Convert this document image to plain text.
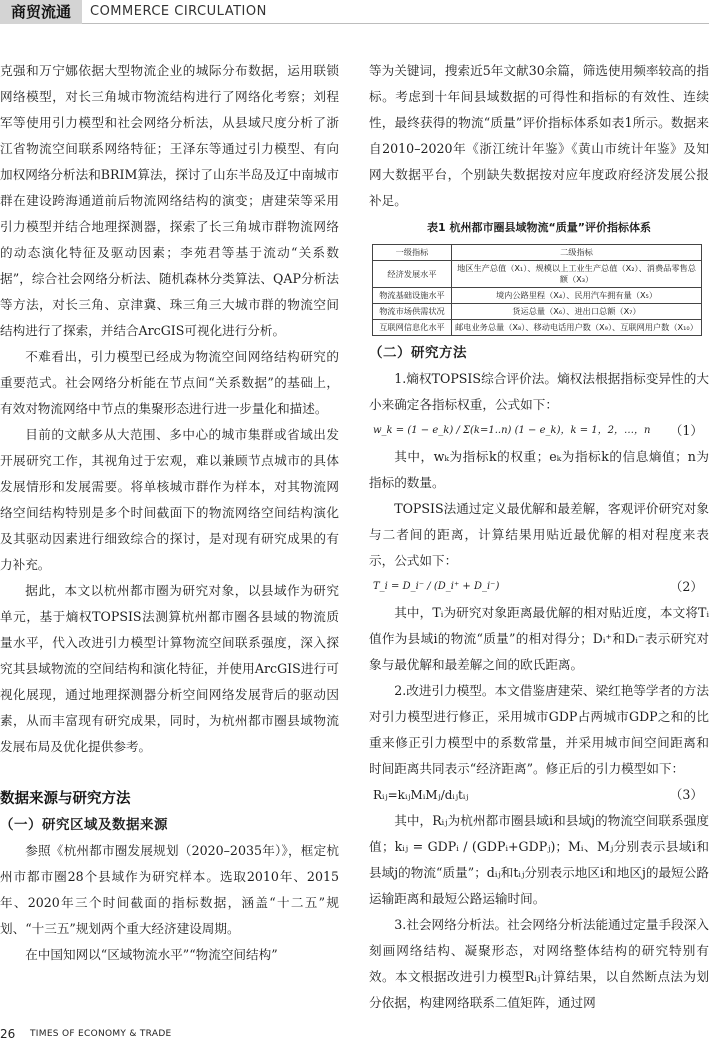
商贸流通	COMMERCE CIRCULATION

克强和万宁娜依据大型物流企业的城际分布数据，运用联锁网络模型，对长三角城市物流结构进行了网络化考察；刘程军等使用引力模型和社会网络分析法，从县域尺度分析了浙江省物流空间联系网络特征；王泽东等通过引力模型、有向加权网络分析法和BRIM算法，探讨了山东半岛及辽中南城市群在建设跨海通道前后物流网络结构的演变；唐建荣等采用引力模型并结合地理探测器，探索了长三角城市群物流网络的动态演化特征及驱动因素；李苑君等基于流动“关系数据”，综合社会网络分析法、随机森林分类算法、QAP分析法等方法，对长三角、京津冀、珠三角三大城市群的物流空间结构进行了探索，并结合ArcGIS可视化进行分析。

不难看出，引力模型已经成为物流空间网络结构研究的重要范式。社会网络分析能在节点间“关系数据”的基础上，有效对物流网络中节点的集聚形态进行进一步量化和描述。

目前的文献多从大范围、多中心的城市集群或省域出发开展研究工作，其视角过于宏观，难以兼顾节点城市的具体发展情形和发展需要。将单核城市群作为样本，对其物流网络空间结构特别是多个时间截面下的物流网络空间结构演化及其驱动因素进行细致综合的探讨，是对现有研究成果的有力补充。

据此，本文以杭州都市圈为研究对象，以县域作为研究单元，基于熵权TOPSIS法测算杭州都市圈各县域的物流质量水平，代入改进引力模型计算物流空间联系强度，深入探究其县域物流的空间结构和演化特征，并使用ArcGIS进行可视化展现，通过地理探测器分析空间网络发展背后的驱动因素，从而丰富现有研究成果，同时，为杭州都市圈县域物流发展布局及优化提供参考。

数据来源与研究方法
（一）研究区域及数据来源

参照《杭州都市圈发展规划（2020–2035年）》，框定杭州市都市圈28个县域作为研究样本。选取2010年、2015年、2020年三个时间截面的指标数据，涵盖“十二五”规划、“十三五”规划两个重大经济建设周期。

在中国知网以“区域物流水平”“物流空间结构”

等为关键词，搜索近5年文献30余篇，筛选使用频率较高的指标。考虑到十年间县域数据的可得性和指标的有效性、连续性，最终获得的物流“质量”评价指标体系如表1所示。数据来自2010–2020年《浙江统计年鉴》《黄山市统计年鉴》及知网大数据平台，个别缺失数据按对应年度政府经济发展公报补足。

表1 杭州都市圈县域物流“质量”评价指标体系
一级指标	二级指标
经济发展水平	地区生产总值（X₁）、规模以上工业生产总值（X₂）、消费品零售总额（X₃）
物流基础设施水平	境内公路里程（X₄）、民用汽车拥有量（X₅）
物流市场供需状况	货运总量（X₆）、进出口总额（X₇）
互联网信息化水平	邮电业务总量（X₈）、移动电话用户数（X₉）、互联网用户数（X₁₀）
（二）研究方法

1.熵权TOPSIS综合评价法。熵权法根据指标变异性的大小来确定各指标权重，公式如下：

w_k = (1 − e_k) / Σ(k=1..n) (1 − e_k)，k = 1，2，…，n （1）

其中，wₖ为指标k的权重；eₖ为指标k的信息熵值；n为指标的数量。

TOPSIS法通过定义最优解和最差解，客观评价研究对象与二者间的距离，计算结果用贴近最优解的相对程度来表示，公式如下：

T_i = D_i⁻ / (D_i⁺ + D_i⁻)	（2）

其中，Tᵢ为研究对象距离最优解的相对贴近度，本文将Tᵢ值作为县域i的物流“质量”的相对得分；Dᵢ⁺和Dᵢ⁻表示研究对象与最优解和最差解之间的欧氏距离。

2.改进引力模型。本文借鉴唐建荣、梁红艳等学者的方法对引力模型进行修正，采用城市GDP占两城市GDP之和的比重来修正引力模型中的系数常量，并采用城市间空间距离和时间距离共同表示“经济距离”。修正后的引力模型如下：

Rᵢⱼ=kᵢⱼMᵢMⱼ/dᵢⱼtᵢⱼ	（3）

其中，Rᵢⱼ为杭州都市圈县域i和县域j的物流空间联系强度值；kᵢⱼ = GDPᵢ / (GDPᵢ+GDPⱼ)；Mᵢ、Mⱼ分别表示县域i和县域j的物流“质量”；dᵢⱼ和tᵢⱼ分别表示地区i和地区j的最短公路运输距离和最短公路运输时间。

3.社会网络分析法。社会网络分析法能通过定量手段深入刻画网络结构、凝聚形态，对网络整体结构的研究特别有效。本文根据改进引力模型Rᵢⱼ计算结果，以自然断点法为划分依据，构建网络联系二值矩阵，通过网

26 TIMES OF ECONOMY & TRADE
